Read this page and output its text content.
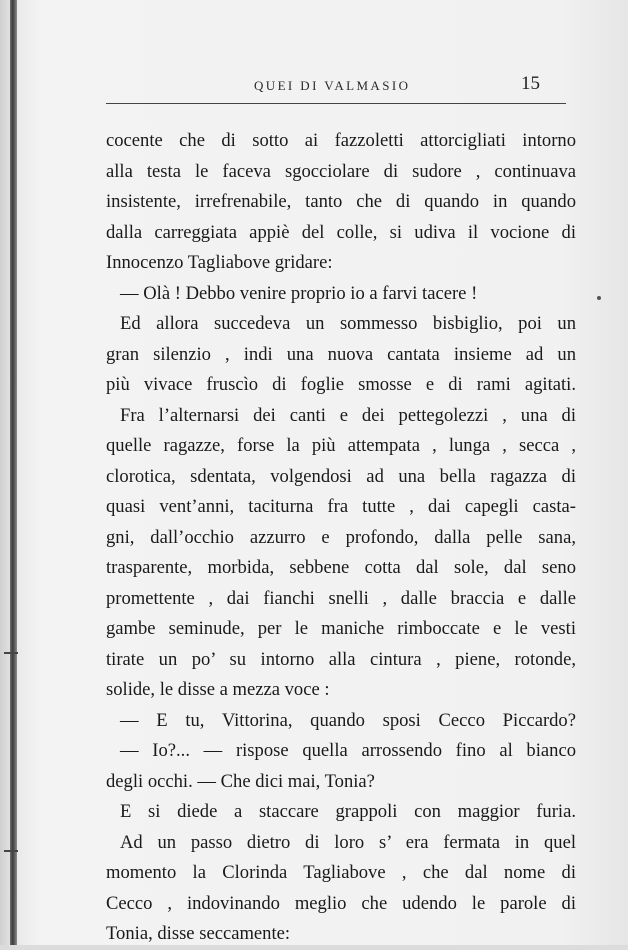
QUEI DI VALMASIO	15
cocente che di sotto ai fazzoletti attorcigliati intorno
alla testa le faceva sgocciolare di sudore , continuava
insistente, irrefrenabile, tanto che di quando in quando
dalla carreggiata appiè del colle, si udiva il vocione di
Innocenzo Tagliabove gridare:
— Olà ! Debbo venire proprio io a farvi tacere !
Ed allora succedeva un sommesso bisbiglio, poi un
gran silenzio , indi una nuova cantata insieme ad un
più vivace fruscìo di foglie smosse e di rami agitati.
Fra l’alternarsi dei canti e dei pettegolezzi , una di
quelle ragazze, forse la più attempata , lunga , secca ,
clorotica, sdentata, volgendosi ad una bella ragazza di
quasi vent’anni, taciturna fra tutte , dai capegli casta-
gni, dall’occhio azzurro e profondo, dalla pelle sana,
trasparente, morbida, sebbene cotta dal sole, dal seno
promettente , dai fianchi snelli , dalle braccia e dalle
gambe seminude, per le maniche rimboccate e le vesti
tirate un po’ su intorno alla cintura , piene, rotonde,
solide, le disse a mezza voce :
— E tu, Vittorina, quando sposi Cecco Piccardo?
— Io?... — rispose quella arrossendo fino al bianco
degli occhi. — Che dici mai, Tonia?
E si diede a staccare grappoli con maggior furia.
Ad un passo dietro di loro s’ era fermata in quel
momento la Clorinda Tagliabove , che dal nome di
Cecco , indovinando meglio che udendo le parole di
Tonia, disse seccamente:
